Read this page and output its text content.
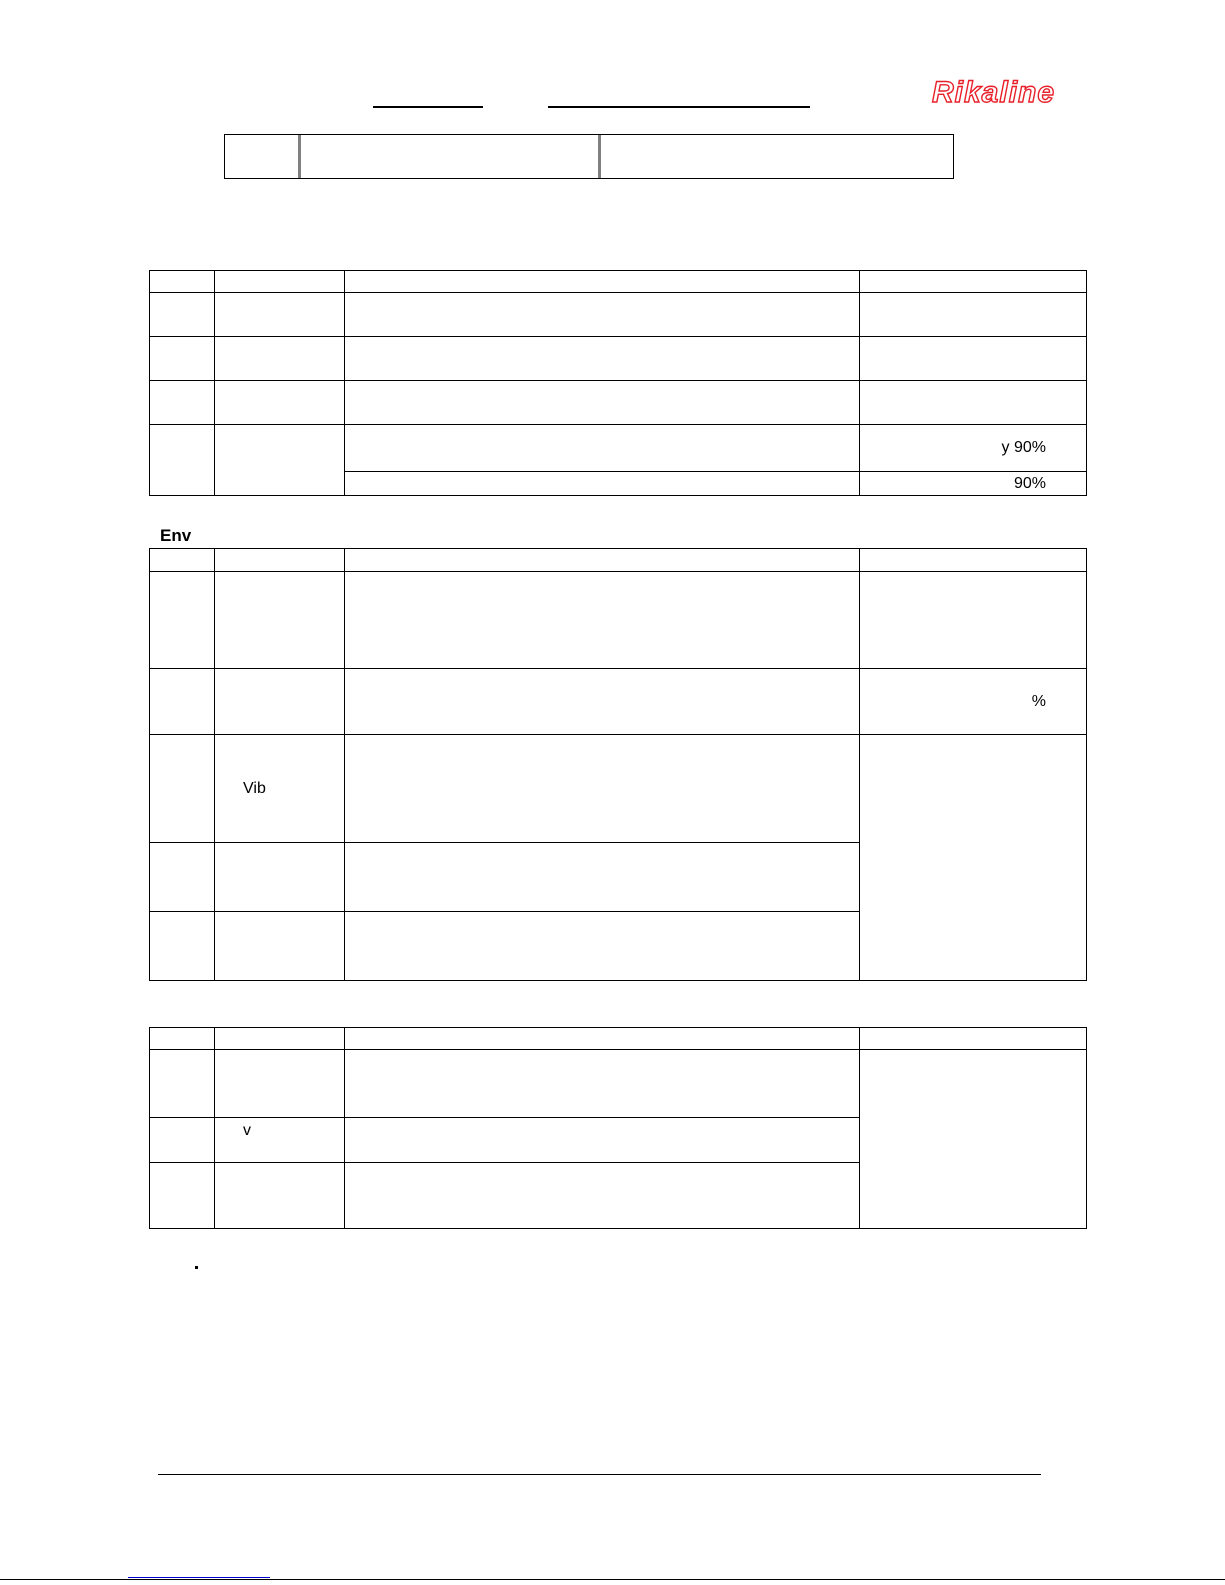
Rikaline

			y 90%
			90%
Env

			%
	Vib		

	v		
